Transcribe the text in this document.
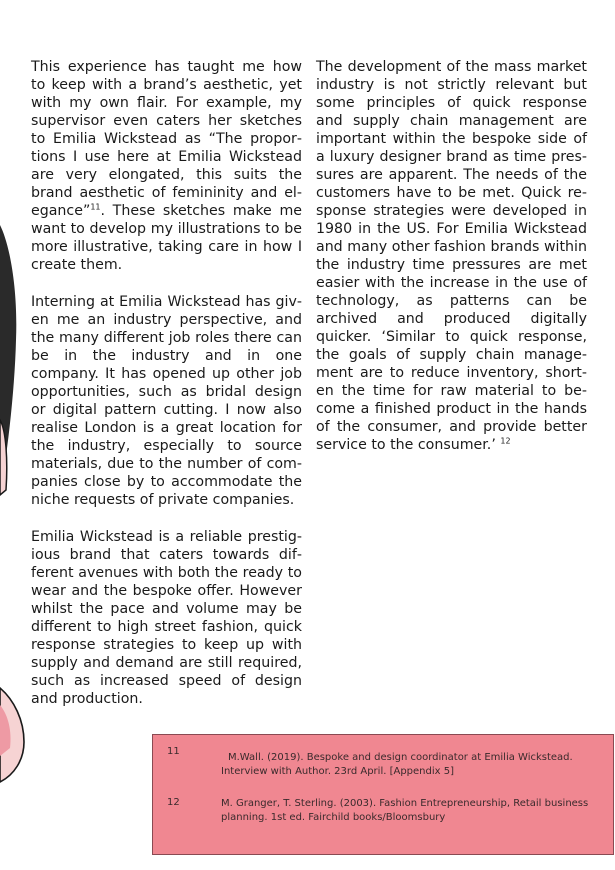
This experience has taught me how to keep with a brand’s aesthetic, yet with my own flair. For example, my supervisor even caters her sketches to Emilia Wickstead as “The proportions I use here at Emilia Wickstead are very elongated, this suits the brand aesthetic of femininity and elegance”$^{11}$. These sketches make me want to develop my illustrations to be more illustrative, taking care in how I create them.

Interning at Emilia Wickstead has given me an industry perspective, and the many different job roles there can be in the industry and in one company. It has opened up other job opportunities, such as bridal design or digital pattern cutting. I now also realise London is a great location for the industry, especially to source materials, due to the number of companies close by to accommodate the niche requests of private companies.

Emilia Wickstead is a reliable prestigious brand that caters towards different avenues with both the ready to wear and the bespoke offer. However whilst the pace and volume may be different to high street fashion, quick response strategies to keep up with supply and demand are still required, such as increased speed of design and production.

The development of the mass market industry is not strictly relevant but some principles of quick response and supply chain management are important within the bespoke side of a luxury designer brand as time pressures are apparent. The needs of the customers have to be met. Quick response strategies were developed in 1980 in the US. For Emilia Wickstead and many other fashion brands within the industry time pressures are met easier with the increase in the use of technology, as patterns can be archived and produced digitally quicker. ‘Similar to quick response, the goals of supply chain management are to reduce inventory, shorten the time for raw material to become a finished product in the hands of the consumer, and provide better service to the consumer.’ $^{12}$

11
M.Wall. (2019). Bespoke and design coordinator at Emilia Wickstead. Interview with Author. 23rd April. [Appendix 5]
12	M. Granger, T. Sterling. (2003). Fashion Entrepreneurship, Retail business planning. 1st ed. Fairchild books/Bloomsbury
